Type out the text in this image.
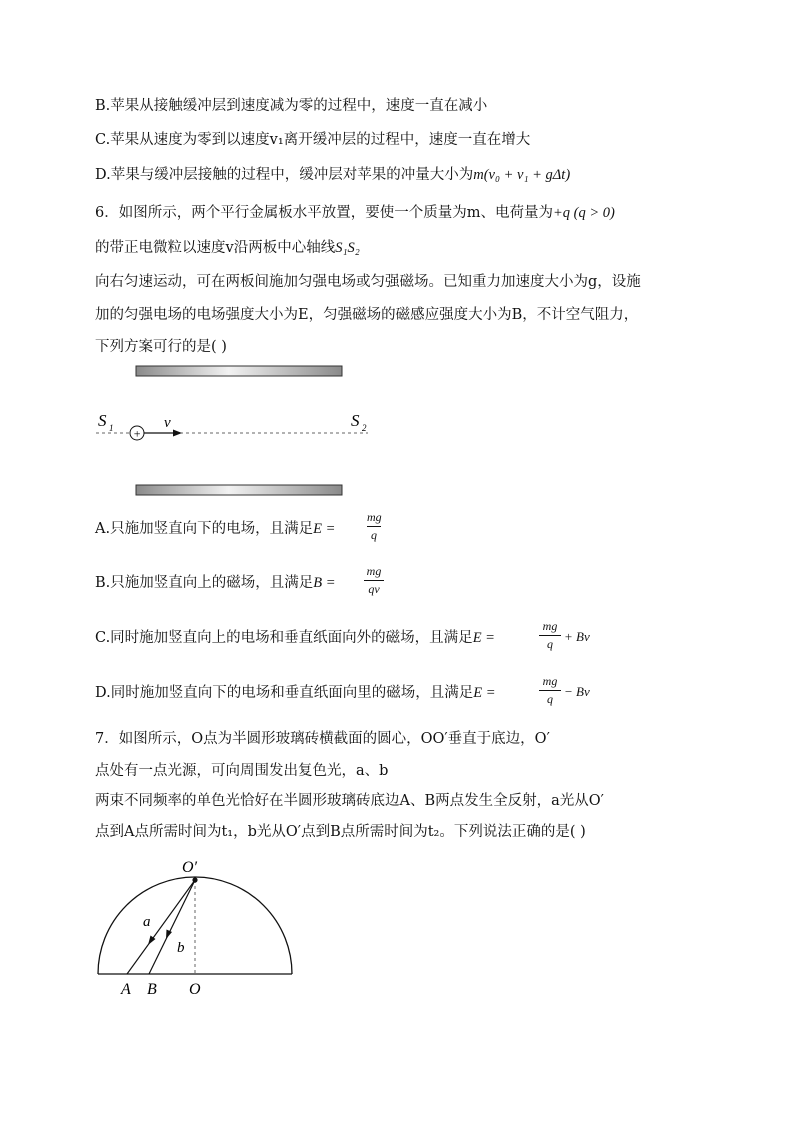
B.苹果从接触缓冲层到速度减为零的过程中，速度一直在减小
C.苹果从速度为零到以速度v₁离开缓冲层的过程中，速度一直在增大
D.苹果与缓冲层接触的过程中，缓冲层对苹果的冲量大小为m(v₀ + v₁ + gΔt)
6．如图所示，两个平行金属板水平放置，要使一个质量为m、电荷量为+q (q > 0)
的带正电微粒以速度v沿两板中心轴线S₁S₂
向右匀速运动，可在两板间施加匀强电场或匀强磁场。已知重力加速度大小为g，设施
加的匀强电场的电场强度大小为E，匀强磁场的磁感应强度大小为B，不计空气阻力，
下列方案可行的是( )
+
v
S 1	S 2
A.只施加竖直向下的电场，且满足E =
mg
q
B.只施加竖直向上的磁场，且满足B =
mg
qv
C.同时施加竖直向上的电场和垂直纸面向外的磁场，且满足E =
mg
q + Bv
D.同时施加竖直向下的电场和垂直纸面向里的磁场，且满足E =
mg
q − Bv
7．如图所示，O点为半圆形玻璃砖横截面的圆心，OO′垂直于底边，O′
点处有一点光源，可向周围发出复色光，a、b
两束不同频率的单色光恰好在半圆形玻璃砖底边A、B两点发生全反射，a光从O′
点到A点所需时间为t₁，b光从O′点到B点所需时间为t₂。下列说法正确的是( )
O′
a
b
A B O
